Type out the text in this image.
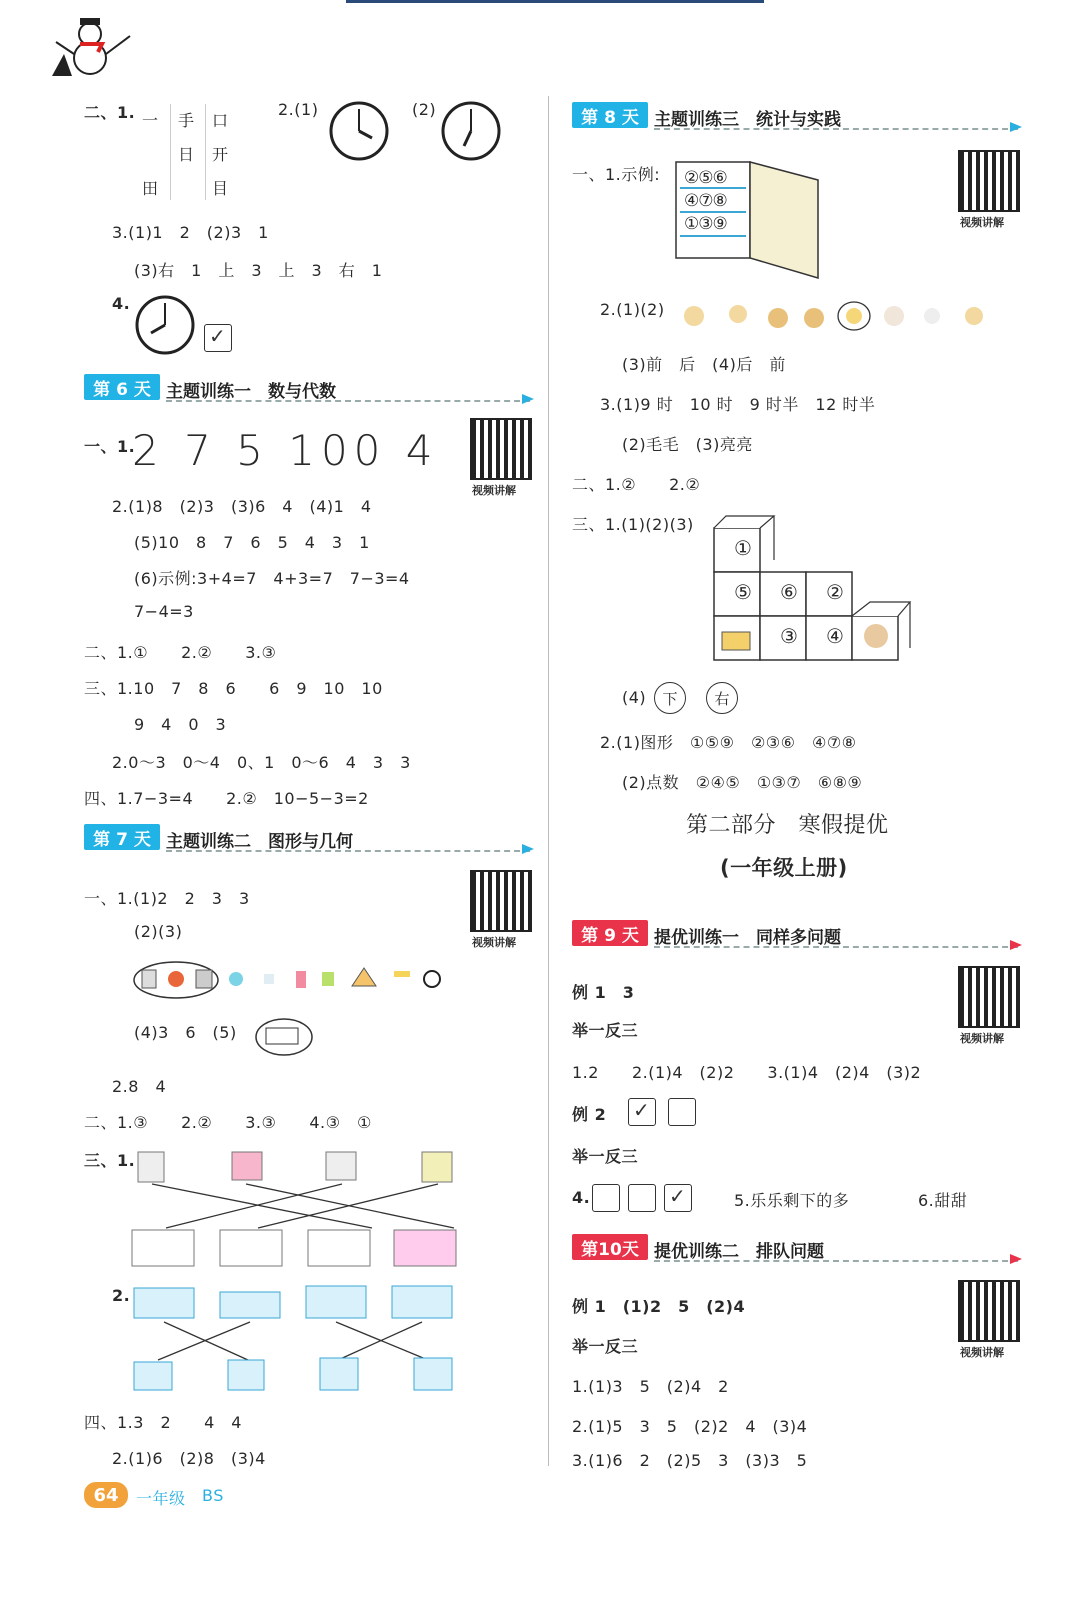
二、1. 一 手 口
日 开
田	目
2.(1)	(2)
3.(1)1　2　(2)3　1
(3)右　1　上　3　上　3　右　1
4.
✓
第 6 天 主题训练一　数与代数
视频讲解
一、1.
2 7 5 100 4
2.(1)8　(2)3　(3)6　4　(4)1　4
(5)10　8　7　6　5　4　3　1
(6)示例:3+4=7　4+3=7　7−3=4
7−4=3
二、1.①　　2.②　　3.③
三、1.10　7　8　6　　6　9　10　10
9　4　0　3
2.0～3　0～4　0、1　0～6　4　3　3
四、1.7−3=4　　2.②　10−5−3=2
第 7 天 主题训练二　图形与几何
视频讲解
一、1.(1)2　2　3　3
(2)(3)
(4)3　6　(5)
2.8　4
二、1.③　　2.②　　3.③　　4.③　①
三、1.
2.
四、1.3　2　　4　4
2.(1)6　(2)8　(3)4
64	一年级 BS
第 8 天 主题训练三　统计与实践
视频讲解
一、1.示例: ②⑤⑥
④⑦⑧
①③⑨
2.(1)(2)
(3)前　后　(4)后　前
3.(1)9 时　10 时　9 时半　12 时半
(2)毛毛　(3)亮亮
二、1.②　　2.②
三、1.(1)(2)(3)
①
⑤ ⑥ ②
③ ④
(4)	下	右
2.(1)图形　①⑤⑨　②③⑥　④⑦⑧
(2)点数　②④⑤　①③⑦　⑥⑧⑨
第二部分　寒假提优
(一年级上册)
第 9 天 提优训练一　同样多问题
视频讲解
例 1　3
举一反三
1.2　　2.(1)4　(2)2　　3.(1)4　(2)4　(3)2
例 2
✓
举一反三
4.
✓	5.乐乐剩下的多	6.甜甜
第10天 提优训练二　排队问题
视频讲解
例 1　(1)2　5　(2)4
举一反三
1.(1)3　5　(2)4　2
2.(1)5　3　5　(2)2　4　(3)4
3.(1)6　2　(2)5　3　(3)3　5
